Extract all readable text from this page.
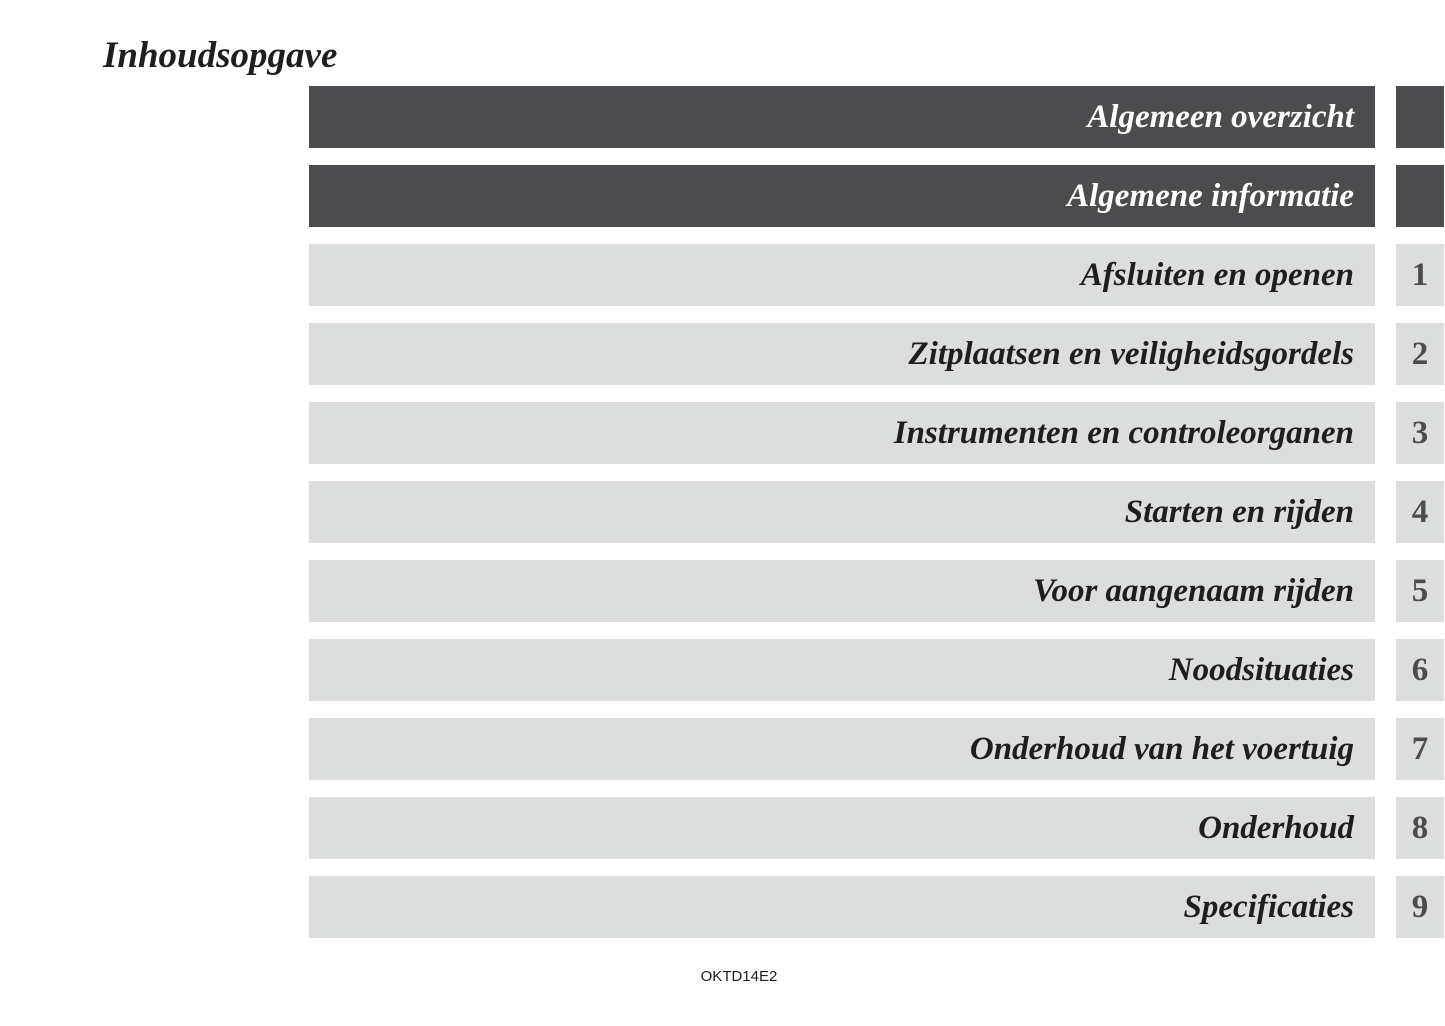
Inhoudsopgave
Algemeen overzicht
Algemene informatie
Afsluiten en openen	1
Zitplaatsen en veiligheidsgordels	2
Instrumenten en controleorganen	3
Starten en rijden	4
Voor aangenaam rijden	5
Noodsituaties	6
Onderhoud van het voertuig	7
Onderhoud	8
Specificaties	9
OKTD14E2
